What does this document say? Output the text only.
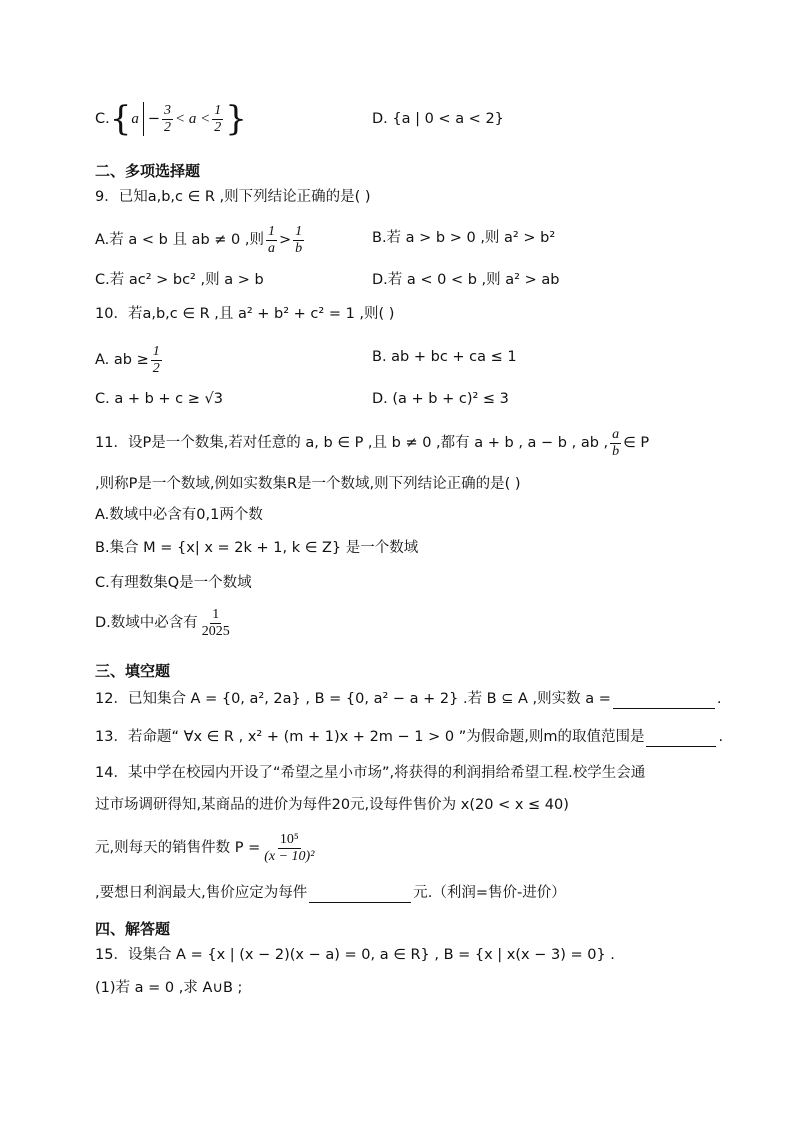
$C.\{a - \frac{3}{2} < a < \frac{1}{2}$ }	D. {a | 0 < a < 2}
二、多项选择题
9．已知a,b,c ∈ R ,则下列结论正确的是( )
A.若 a < b 且 ab ≠ 0 ,则 $\frac{1}{a} > \frac{1}{b}$	B.若 a > b > 0 ,则 a² > b²
C.若 ac² > bc² ,则 a > b	D.若 a < 0 < b ,则 a² > ab
10．若a,b,c ∈ R ,且 a² + b² + c² = 1 ,则( )
A. ab ≥ $\frac{1}{2}$	B. ab + bc + ca ≤ 1
C. a + b + c ≥ √3	D. (a + b + c)² ≤ 3
11．设P是一个数集,若对任意的 a, b ∈ P ,且 b ≠ 0 ,都有 a + b , a − b , ab , $\frac{a}{b}$ ∈ P
,则称P是一个数域,例如实数集R是一个数域,则下列结论正确的是( )
A.数域中必含有0,1两个数
B.集合 M = {x| x = 2k + 1, k ∈ Z} 是一个数域
C.有理数集Q是一个数域
D.数域中必含有 $\frac{1}{2025}$
三、填空题
12．已知集合 A = {0, a², 2a} , B = {0, a² − a + 2} .若 B ⊆ A ,则实数 a =	.
13．若命题“ ∀x ∈ R , x² + (m + 1)x + 2m − 1 > 0 ”为假命题,则m的取值范围是	.
14．某中学在校园内开设了“希望之星小市场”,将获得的利润捐给希望工程.校学生会通
过市场调研得知,某商品的进价为每件20元,设每件售价为 x(20 < x ≤ 40)
元,则每天的销售件数 $P = \frac{\text{10⁵}}{\text{(x − 10)²}}$
,要想日利润最大,售价应定为每件	元.（利润=售价-进价）
四、解答题
15．设集合 A = {x | (x − 2)(x − a) = 0, a ∈ R} , B = {x | x(x − 3) = 0} .
(1)若 a = 0 ,求 A∪B ;
